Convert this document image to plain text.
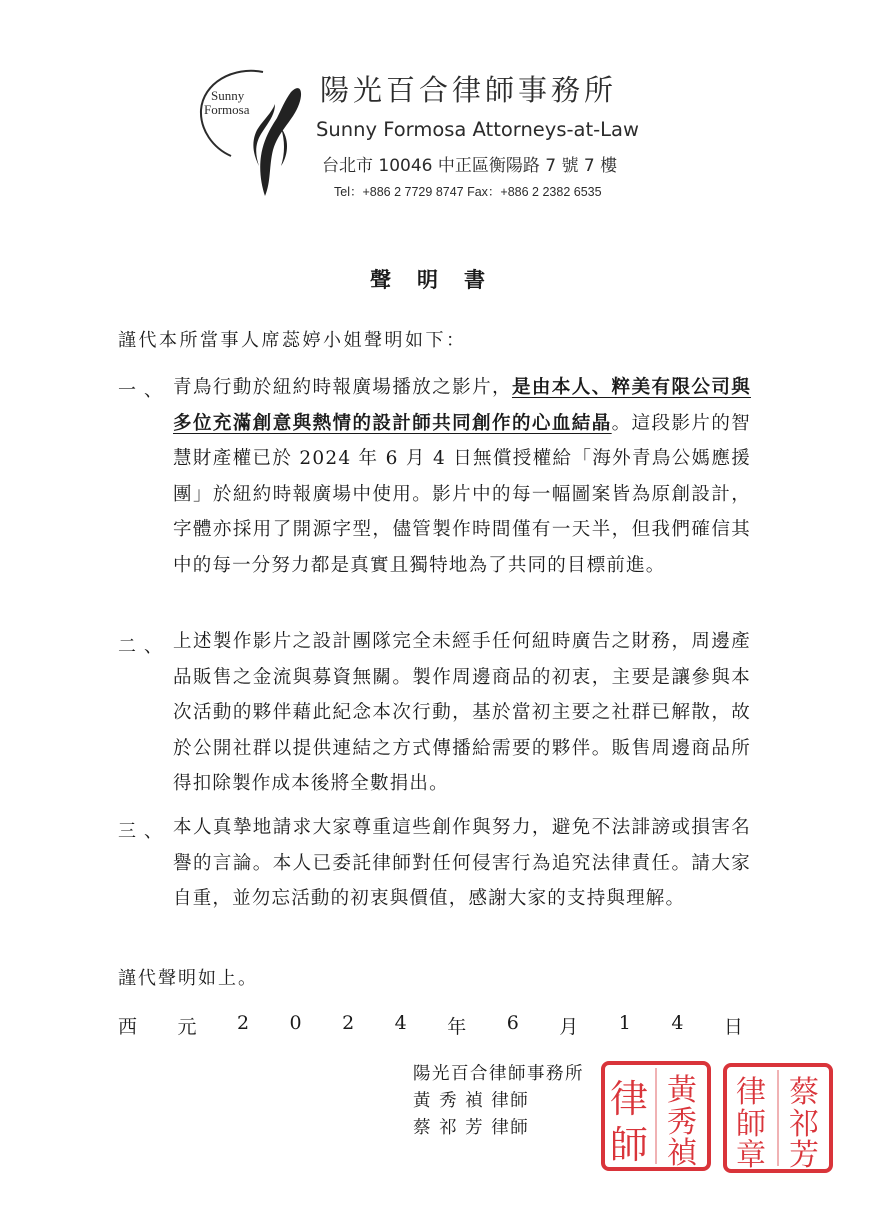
Sunny
Formosa
陽光百合律師事務所
Sunny Formosa Attorneys-at-Law
台北市 10046 中正區衡陽路 7 號 7 樓
Tel：+886 2 7729 8747 Fax：+886 2 2382 6535
聲明書
謹代本所當事人席蕊婷小姐聲明如下：
一、 青鳥行動於紐約時報廣場播放之影片，是由本人、粹美有限公司與多位充滿創意與熱情的設計師共同創作的心血結晶。這段影片的智慧財產權已於 2024 年 6 月 4 日無償授權給「海外青鳥公媽應援團」於紐約時報廣場中使用。影片中的每一幅圖案皆為原創設計，字體亦採用了開源字型，儘管製作時間僅有一天半，但我們確信其中的每一分努力都是真實且獨特地為了共同的目標前進。
二、 上述製作影片之設計團隊完全未經手任何紐時廣告之財務，周邊產品販售之金流與募資無關。製作周邊商品的初衷，主要是讓參與本次活動的夥伴藉此紀念本次行動，基於當初主要之社群已解散，故於公開社群以提供連結之方式傳播給需要的夥伴。販售周邊商品所得扣除製作成本後將全數捐出。
三、 本人真摯地請求大家尊重這些創作與努力，避免不法誹謗或損害名譽的言論。本人已委託律師對任何侵害行為追究法律責任。請大家自重，並勿忘活動的初衷與價值，感謝大家的支持與理解。
謹代聲明如上。
西 元 2 0 2 4 年 6 月 1 4 日
陽光百合律師事務所
黃 秀 禎 律師
蔡 祁 芳 律師
黃
秀
禎
律
師
蔡
祁
芳
律
師
章
